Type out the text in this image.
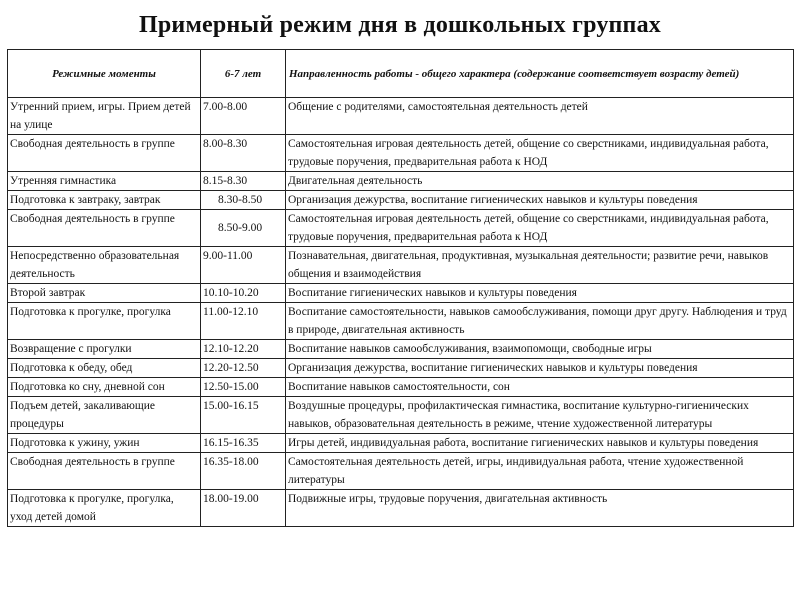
Примерный режим дня в дошкольных группах
Режимные моменты	6-7 лет	Направленность работы - общего характера (содержание соответствует возрасту детей)
Утренний прием, игры. Прием детей на улице	7.00-8.00	Общение с родителями, самостоятельная деятельность детей
Свободная деятельность в группе	8.00-8.30	Самостоятельная игровая деятельность детей, общение со сверстниками, индивидуальная работа, трудовые поручения, предварительная работа к НОД
Утренняя гимнастика	8.15-8.30	Двигательная деятельность
Подготовка к завтраку, завтрак	8.30-8.50	Организация дежурства, воспитание гигиенических навыков и культуры поведения
Свободная деятельность в группе	8.50-9.00	Самостоятельная игровая деятельность детей, общение со сверстниками, индивидуальная работа, трудовые поручения, предварительная работа к НОД
Непосредственно образовательная деятельность	9.00-11.00	Познавательная, двигательная, продуктивная, музыкальная деятельности; развитие речи, навыков общения и взаимодействия
Второй завтрак	10.10-10.20	Воспитание гигиенических навыков и культуры поведения
Подготовка к прогулке, прогулка	11.00-12.10	Воспитание самостоятельности, навыков самообслуживания, помощи друг другу. Наблюдения и труд в природе, двигательная активность
Возвращение с прогулки	12.10-12.20	Воспитание навыков самообслуживания, взаимопомощи, свободные игры
Подготовка к обеду, обед	12.20-12.50	Организация дежурства, воспитание гигиенических навыков и культуры поведения
Подготовка ко сну, дневной сон	12.50-15.00	Воспитание навыков самостоятельности, сон
Подъем детей, закаливающие процедуры	15.00-16.15	Воздушные процедуры, профилактическая гимнастика, воспитание культурно-гигиенических навыков, образовательная деятельность в режиме, чтение художественной литературы
Подготовка к ужину, ужин	16.15-16.35	Игры детей, индивидуальная работа, воспитание гигиенических навыков и культуры поведения
Свободная деятельность в группе	16.35-18.00	Самостоятельная деятельность детей, игры, индивидуальная работа, чтение художественной литературы
Подготовка к прогулке, прогулка, уход детей домой	18.00-19.00	Подвижные игры, трудовые поручения, двигательная активность
